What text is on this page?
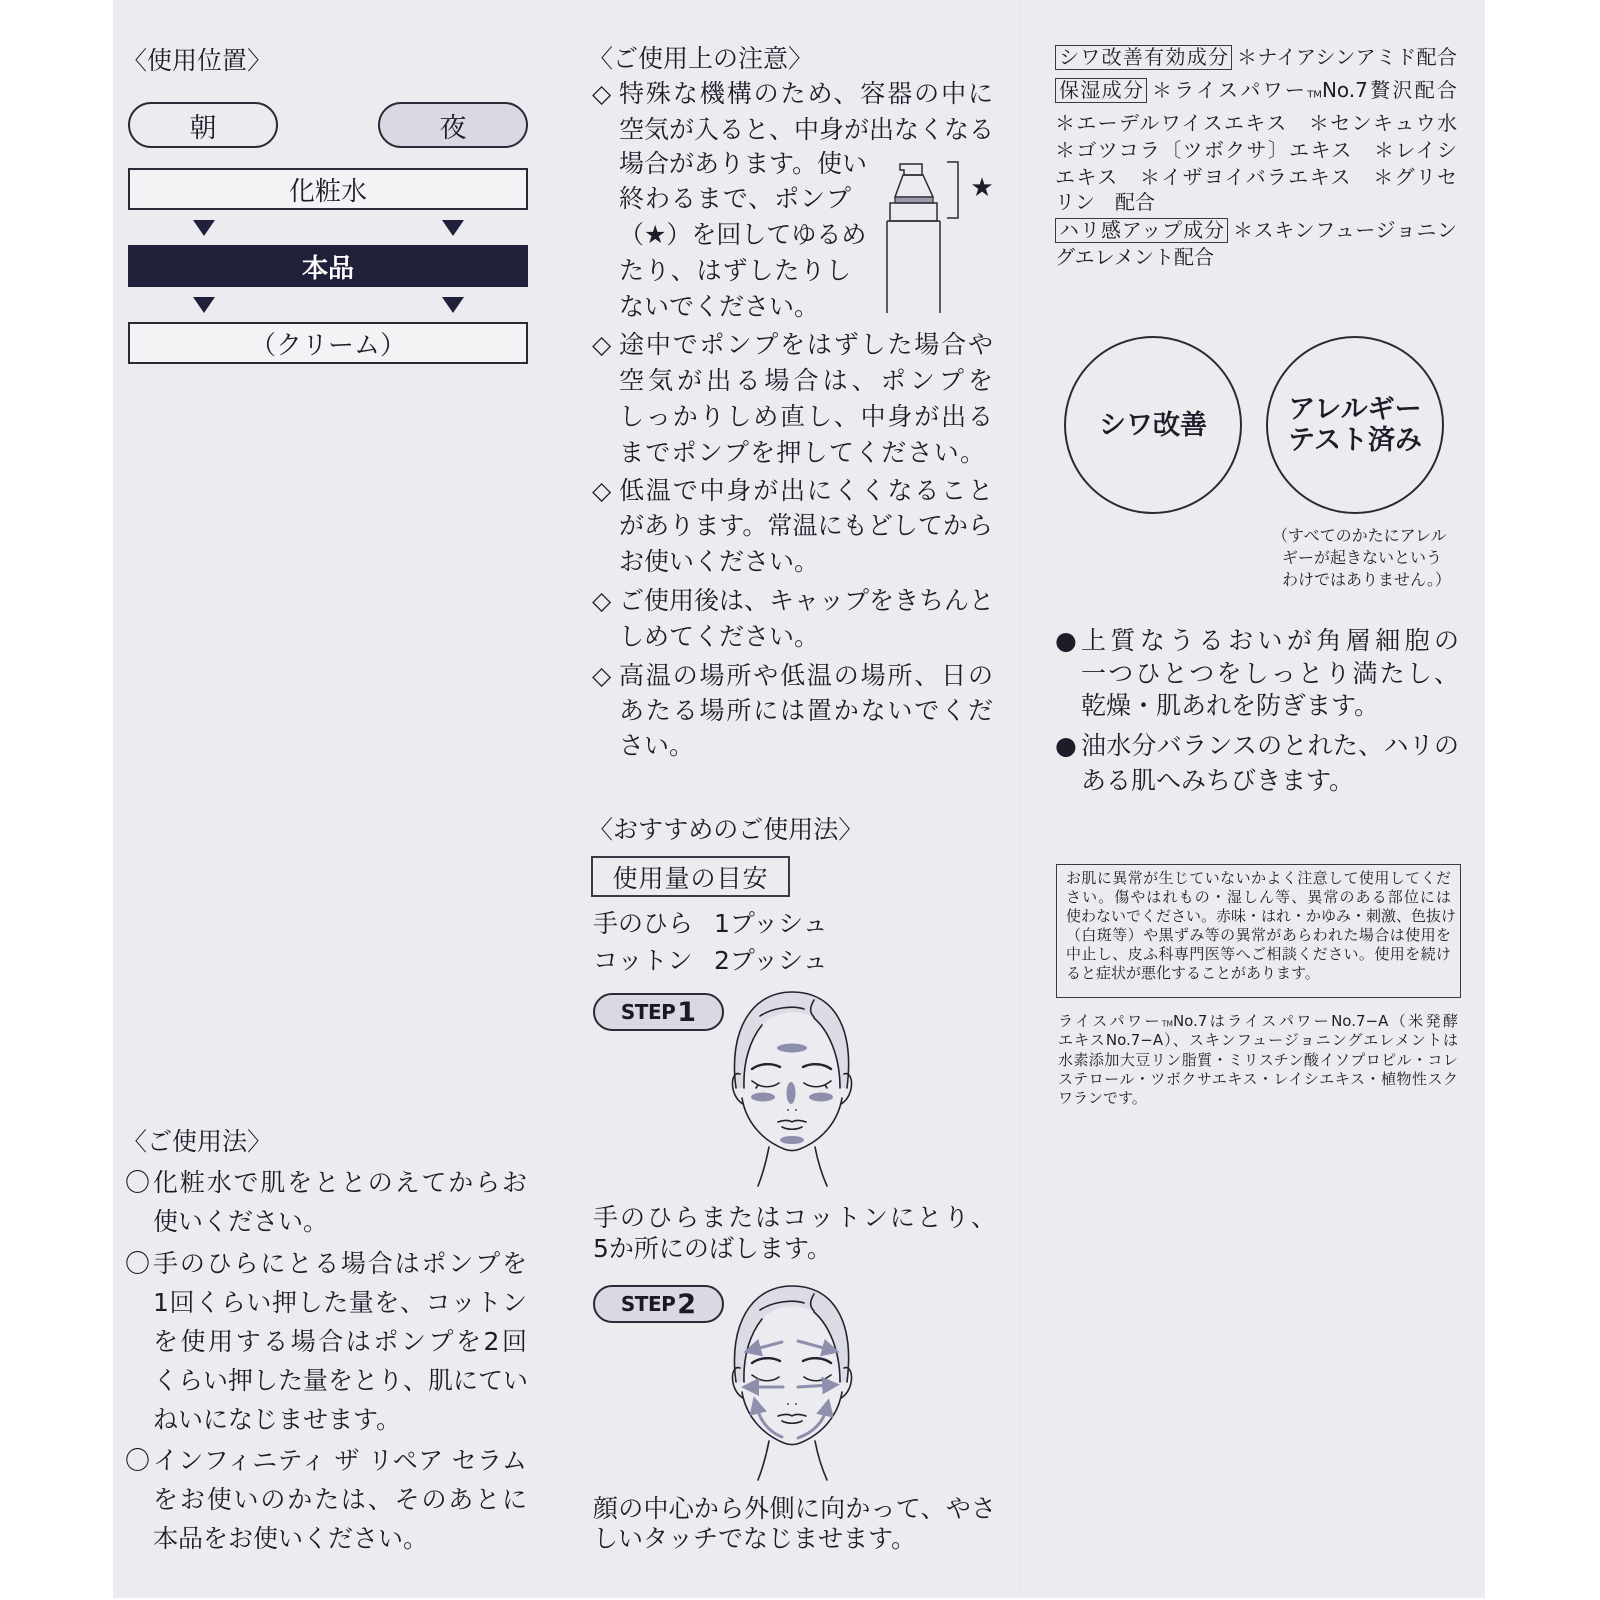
〈使用位置〉
朝	夜
化粧水
本品
（クリーム）
〈ご使用法〉
〇 化粧水で肌をととのえてからお
使いください。
〇 手のひらにとる場合はポンプを
1回くらい押した量を、コットン
を使用する場合はポンプを2回
くらい押した量をとり、肌にてい
ねいになじませます。
〇 インフィニティ ザ リペア セラム
をお使いのかたは、そのあとに
本品をお使いください。
〈ご使用上の注意〉
◇ 特殊な機構のため、容器の中に
空気が入ると、中身が出なくなる
場合があります。使い
終わるまで、ポンプ
（★）を回してゆるめ
たり、はずしたりし
ないでください。
★
◇ 途中でポンプをはずした場合や
空気が出る場合は、ポンプを
しっかりしめ直し、中身が出る
までポンプを押してください。
◇ 低温で中身が出にくくなること
があります。常温にもどしてから
お使いください。
◇ ご使用後は、キャップをきちんと
しめてください。
◇ 高温の場所や低温の場所、日の
あたる場所には置かないでくだ
さい。
〈おすすめのご使用法〉
使用量の目安
手のひら 1プッシュ
コットン 2プッシュ
STEP 1
手のひらまたはコットンにとり、
5か所にのばします。
STEP 2
顔の中心から外側に向かって、やさ
しいタッチでなじませます。
シワ改善有効成分 ＊ナイアシンアミド配合
保湿成分 ＊ライスパワーTMNo.7贅沢配合
＊エーデルワイスエキス　＊センキュウ水
＊ゴツコラ〔ツボクサ〕エキス　＊レイシ
エキス　＊イザヨイバラエキス　＊グリセ
リン　配合
ハリ感アップ成分 ＊スキンフュージョニン
グエレメント配合
シワ改善	アレルギー
テスト済み
（すべてのかたにアレル
ギーが起きないという
わけではありません。）
● 上質なうるおいが角層細胞の
一つひとつをしっとり満たし、
乾燥・肌あれを防ぎます。
● 油水分バランスのとれた、ハリの
ある肌へみちびきます。
お肌に異常が生じていないかよく注意して使用してくだ
さい。傷やはれもの・湿しん等、異常のある部位には
使わないでください。赤味・はれ・かゆみ・刺激、色抜け
（白斑等）や黒ずみ等の異常があらわれた場合は使用を
中止し、皮ふ科専門医等へご相談ください。使用を続け
ると症状が悪化することがあります。
ライスパワーTMNo.7はライスパワーNo.7−A（米発酵
エキスNo.7−A）、スキンフュージョニングエレメントは
水素添加大豆リン脂質・ミリスチン酸イソプロピル・コレ
ステロール・ツボクサエキス・レイシエキス・植物性スク
ワランです。
